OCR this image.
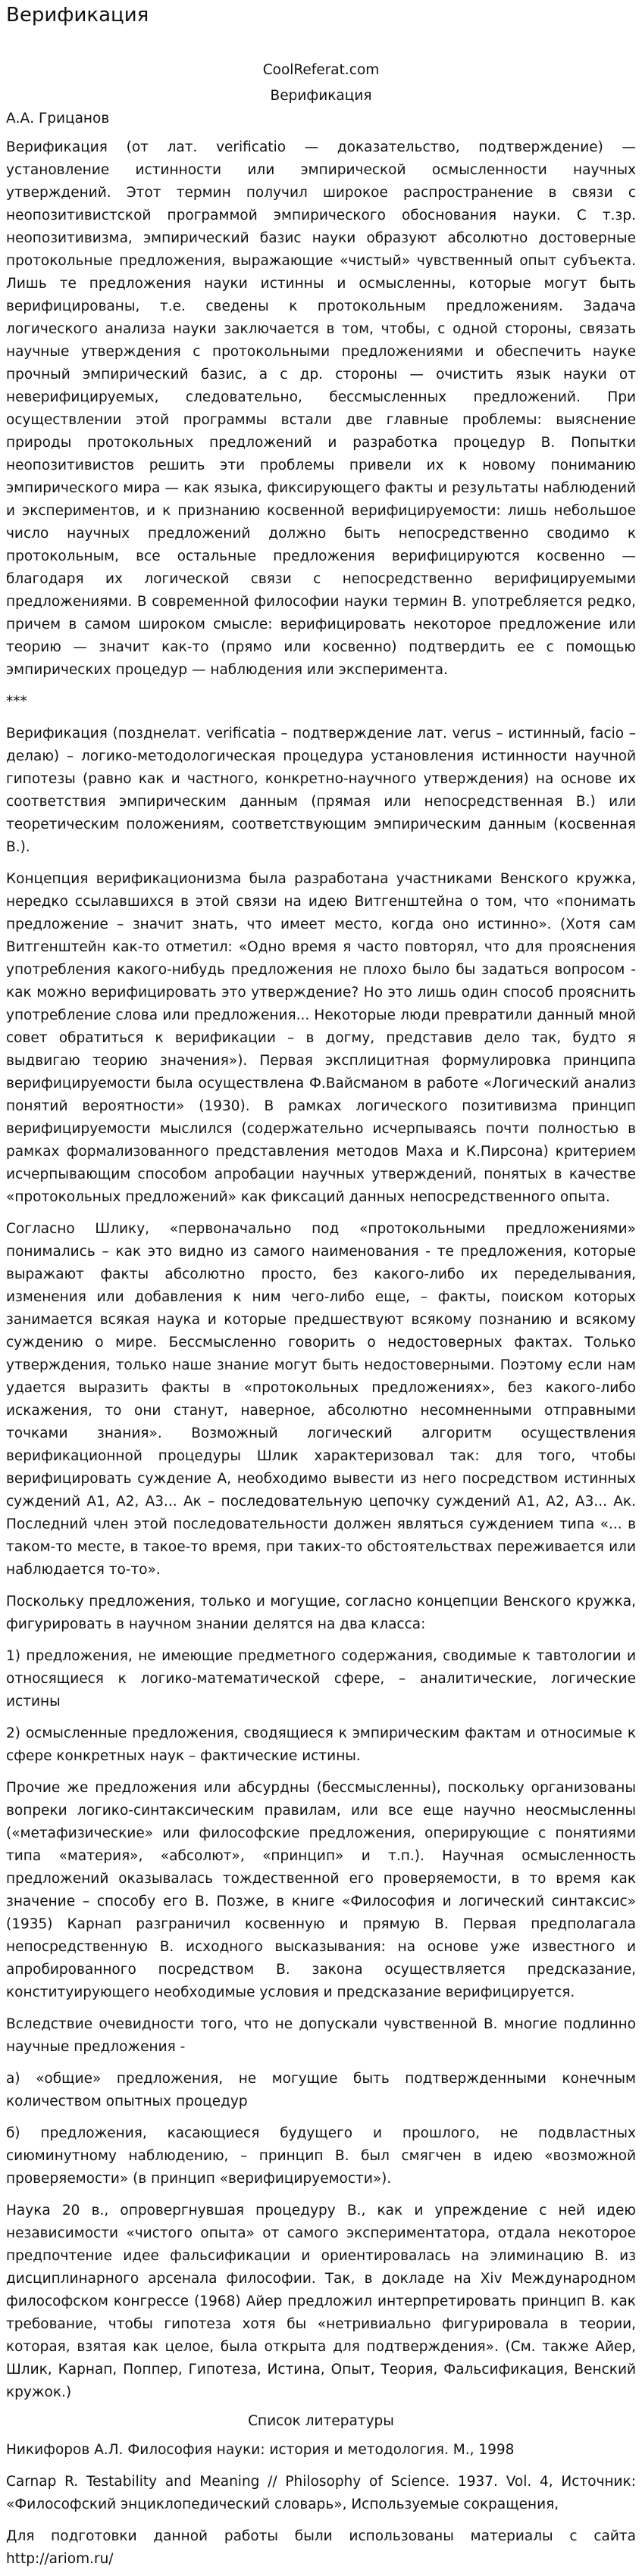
Верификация

CoolReferat.com

Верификация

А.А. Грицанов

Верификация (от лат. verificatio — доказательство, подтверждение) — установление истинности или эмпирической осмысленности научных утверждений. Этот термин получил широкое распространение в связи с неопозитивистской программой эмпирического обоснования науки. С т.зр. неопозитивизма, эмпирический базис науки образуют абсолютно достоверные протокольные предложения, выражающие «чистый» чувственный опыт субъекта. Лишь те предложения науки истинны и осмысленны, которые могут быть верифицированы, т.е. сведены к протокольным предложениям. Задача логического анализа науки заключается в том, чтобы, с одной стороны, связать научные утверждения с протокольными предложениями и обеспечить науке прочный эмпирический базис, а с др. стороны — очистить язык науки от неверифицируемых, следовательно, бессмысленных предложений. При осуществлении этой программы встали две главные проблемы: выяснение природы протокольных предложений и разработка процедур В. Попытки неопозитивистов решить эти проблемы привели их к новому пониманию эмпирического мира — как языка, фиксирующего факты и результаты наблюдений и экспериментов, и к признанию косвенной верифицируемости: лишь небольшое число научных предложений должно быть непосредственно сводимо к протокольным, все остальные предложения верифицируются косвенно — благодаря их логической связи с непосредственно верифицируемыми предложениями. В современной философии науки термин В. употребляется редко, причем в самом широком смысле: верифицировать некоторое предложение или теорию — значит как-то (прямо или косвенно) подтвердить ее с помощью эмпирических процедур — наблюдения или эксперимента.

***

Верификация (позднелат. verificatia – подтверждение лат. verus – истинный, facio – делаю) – логико-методологическая процедура установления истинности научной гипотезы (равно как и частного, конкретно-научного утверждения) на основе их соответствия эмпирическим данным (прямая или непосредственная В.) или теоретическим положениям, соответствующим эмпирическим данным (косвенная В.).

Концепция верификационизма была разработана участниками Венского кружка, нередко ссылавшихся в этой связи на идею Витгенштейна о том, что «понимать предложение – значит знать, что имеет место, когда оно истинно». (Хотя сам Витгенштейн как-то отметил: «Одно время я часто повторял, что для прояснения употребления какого-нибудь предложения не плохо было бы задаться вопросом - как можно верифицировать это утверждение? Но это лишь один способ прояснить употребление слова или предложения... Некоторые люди превратили данный мной совет обратиться к верификации – в догму, представив дело так, будто я выдвигаю теорию значения»). Первая эксплицитная формулировка принципа верифицируемости была осуществлена Ф.Вайсманом в работе «Логический анализ понятий вероятности» (1930). В рамках логического позитивизма принцип верифицируемости мыслился (содержательно исчерпываясь почти полностью в рамках формализованного представления методов Маха и К.Пирсона) критерием исчерпывающим способом апробации научных утверждений, понятых в качестве «протокольных предложений» как фиксаций данных непосредственного опыта.

Согласно Шлику, «первоначально под «протокольными предложениями» понимались – как это видно из самого наименования - те предложения, которые выражают факты абсолютно просто, без какого-либо их переделывания, изменения или добавления к ним чего-либо еще, – факты, поиском которых занимается всякая наука и которые предшествуют всякому познанию и всякому суждению о мире. Бессмысленно говорить о недостоверных фактах. Только утверждения, только наше знание могут быть недостоверными. Поэтому если нам удается выразить факты в «протокольных предложениях», без какого-либо искажения, то они станут, наверное, абсолютно несомненными отправными точками знания». Возможный логический алгоритм осуществления верификационной процедуры Шлик характеризовал так: для того, чтобы верифицировать суждение А, необходимо вывести из него посредством истинных суждений А1, А2, А3... Ак – последовательную цепочку суждений А1, А2, А3... Ак. Последний член этой последовательности должен являться суждением типа «... в таком-то месте, в такое-то время, при таких-то обстоятельствах переживается или наблюдается то-то».

Поскольку предложения, только и могущие, согласно концепции Венского кружка, фигурировать в научном знании делятся на два класса:

1) предложения, не имеющие предметного содержания, сводимые к тавтологии и относящиеся к логико-математической сфере, – аналитические, логические истины

2) осмысленные предложения, сводящиеся к эмпирическим фактам и относимые к сфере конкретных наук – фактические истины.

Прочие же предложения или абсурдны (бессмысленны), поскольку организованы вопреки логико-синтаксическим правилам, или все еще научно неосмысленны («метафизические» или философские предложения, оперирующие с понятиями типа «материя», «абсолют», «принцип» и т.п.). Научная осмысленность предложений оказывалась тождественной его проверяемости, в то время как значение – способу его В. Позже, в книге «Философия и логический синтаксис» (1935) Карнап разграничил косвенную и прямую В. Первая предполагала непосредственную В. исходного высказывания: на основе уже известного и апробированного посредством В. закона осуществляется предсказание, конституирующего необходимые условия и предсказание верифицируется.

Вследствие очевидности того, что не допускали чувственной В. многие подлинно научные предложения -

а) «общие» предложения, не могущие быть подтвержденными конечным количеством опытных процедур

б) предложения, касающиеся будущего и прошлого, не подвластных сиюминутному наблюдению, – принцип В. был смягчен в идею «возможной проверяемости» (в принцип «верифицируемости»).

Наука 20 в., опровергнувшая процедуру В., как и упреждение с ней идею независимости «чистого опыта» от самого экспериментатора, отдала некоторое предпочтение идее фальсификации и ориентировалась на элиминацию В. из дисциплинарного арсенала философии. Так, в докладе на Xiv Международном философском конгрессе (1968) Айер предложил интерпретировать принцип В. как требование, чтобы гипотеза хотя бы «нетривиально фигурировала в теории, которая, взятая как целое, была открыта для подтверждения». (См. также Айер, Шлик, Карнап, Поппер, Гипотеза, Истина, Опыт, Теория, Фальсификация, Венский кружок.)

Список литературы

Никифоров А.Л. Философия науки: история и методология. М., 1998

Carnap R. Testability and Meaning // Philosophy of Science. 1937. Vol. 4, Источник: «Философский энциклопедический словарь», Используемые сокращения,

Для подготовки данной работы были использованы материалы с сайта http://ariom.ru/
